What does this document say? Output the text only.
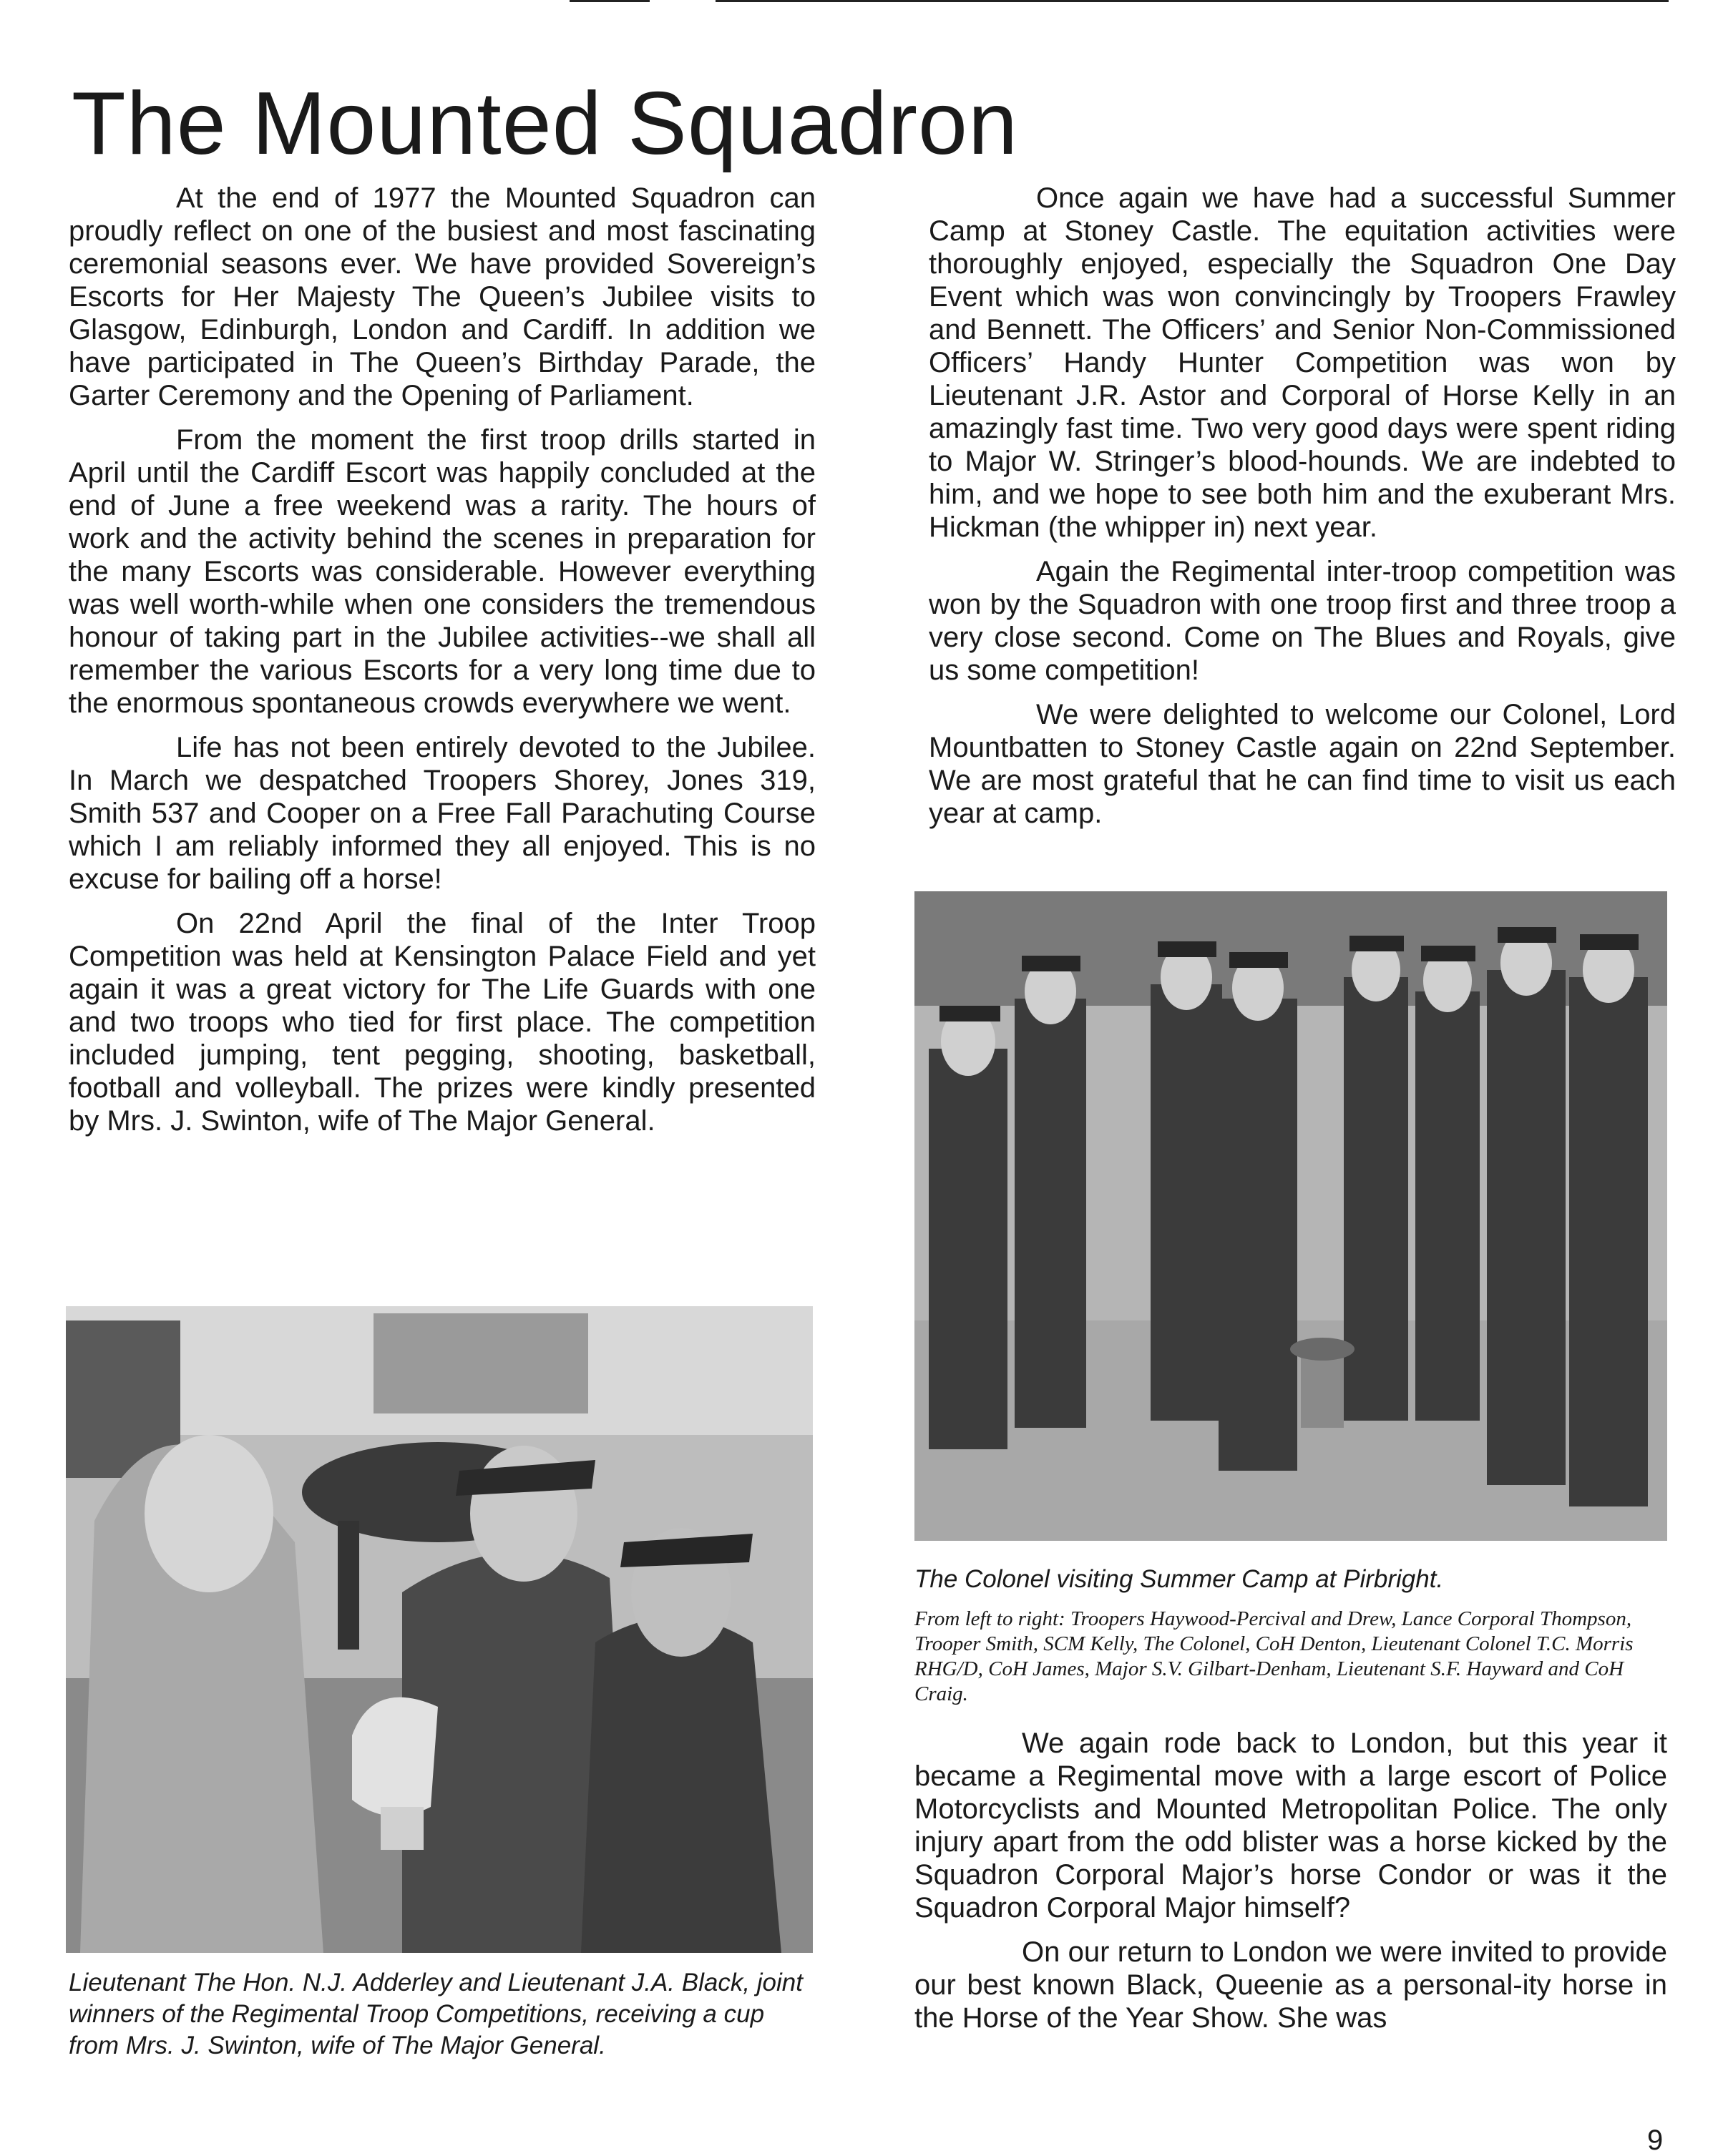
The Mounted Squadron

At the end of 1977 the Mounted Squadron can proudly reflect on one of the busiest and most fascinating ceremonial seasons ever. We have provided Sovereign’s Escorts for Her Majesty The Queen’s Jubilee visits to Glasgow, Edinburgh, London and Cardiff. In addition we have participated in The Queen’s Birthday Parade, the Garter Ceremony and the Opening of Parliament.

From the moment the first troop drills started in April until the Cardiff Escort was happily concluded at the end of June a free weekend was a rarity. The hours of work and the activity behind the scenes in preparation for the many Escorts was considerable. However everything was well worth-while when one considers the tremendous honour of taking part in the Jubilee activities--we shall all remember the various Escorts for a very long time due to the enormous spontaneous crowds everywhere we went.

Life has not been entirely devoted to the Jubilee. In March we despatched Troopers Shorey, Jones 319, Smith 537 and Cooper on a Free Fall Parachuting Course which I am reliably informed they all enjoyed. This is no excuse for bailing off a horse!

On 22nd April the final of the Inter Troop Competition was held at Kensington Palace Field and yet again it was a great victory for The Life Guards with one and two troops who tied for first place. The competition included jumping, tent pegging, shooting, basketball, football and volleyball. The prizes were kindly presented by Mrs. J. Swinton, wife of The Major General.

Once again we have had a successful Summer Camp at Stoney Castle. The equitation activities were thoroughly enjoyed, especially the Squadron One Day Event which was won convincingly by Troopers Frawley and Bennett. The Officers’ and Senior Non-Commissioned Officers’ Handy Hunter Competition was won by Lieutenant J.R. Astor and Corporal of Horse Kelly in an amazingly fast time. Two very good days were spent riding to Major W. Stringer’s blood-hounds. We are indebted to him, and we hope to see both him and the exuberant Mrs. Hickman (the whipper in) next year.

Again the Regimental inter-troop competition was won by the Squadron with one troop first and three troop a very close second. Come on The Blues and Royals, give us some competition!

We were delighted to welcome our Colonel, Lord Mountbatten to Stoney Castle again on 22nd September. We are most grateful that he can find time to visit us each year at camp.

Lieutenant The Hon. N.J. Adderley and Lieutenant J.A. Black, joint winners of the Regimental Troop Competitions, receiving a cup from Mrs. J. Swinton, wife of The Major General.
The Colonel visiting Summer Camp at Pirbright.
From left to right: Troopers Haywood-Percival and Drew, Lance Corporal Thompson, Trooper Smith, SCM Kelly, The Colonel, CoH Denton, Lieutenant Colonel T.C. Morris RHG/D, CoH James, Major S.V. Gilbart-Denham, Lieutenant S.F. Hayward and CoH Craig.

We again rode back to London, but this year it became a Regimental move with a large escort of Police Motorcyclists and Mounted Metropolitan Police. The only injury apart from the odd blister was a horse kicked by the Squadron Corporal Major’s horse Condor or was it the Squadron Corporal Major himself?

On our return to London we were invited to provide our best known Black, Queenie as a personal-ity horse in the Horse of the Year Show. She was

9
